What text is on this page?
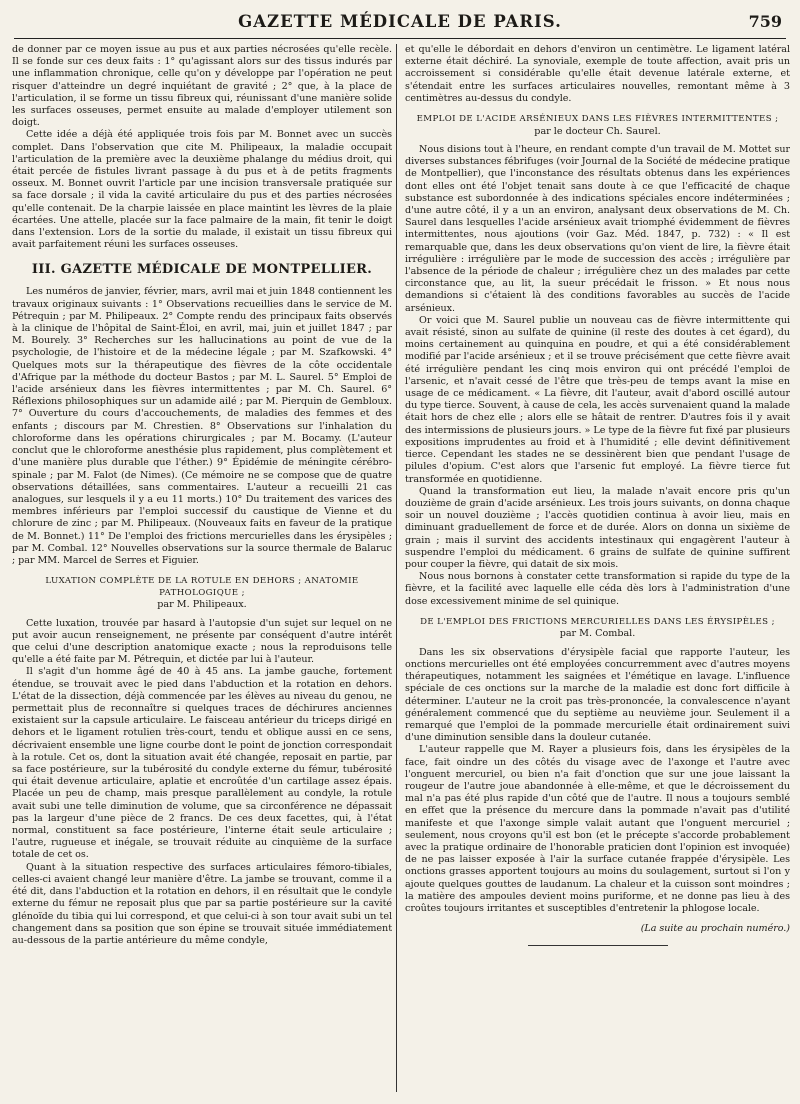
GAZETTE MÉDICALE DE PARIS.	759

de donner par ce moyen issue au pus et aux parties nécrosées qu'elle recèle. Il se fonde sur ces deux faits : 1° qu'agissant alors sur des tissus indurés par une inflammation chronique, celle qu'on y développe par l'opération ne peut risquer d'atteindre un degré inquiétant de gravité ; 2° que, à la place de l'articulation, il se forme un tissu fibreux qui, réunissant d'une manière solide les surfaces osseuses, permet ensuite au malade d'employer utilement son doigt.

Cette idée a déjà été appliquée trois fois par M. Bonnet avec un succès complet. Dans l'observation que cite M. Philipeaux, la maladie occupait l'articulation de la première avec la deuxième phalange du médius droit, qui était percée de fistules livrant passage à du pus et à de petits fragments osseux. M. Bonnet ouvrit l'article par une incision transversale pratiquée sur sa face dorsale ; il vida la cavité articulaire du pus et des parties nécrosées qu'elle contenait. De la charpie laissée en place maintint les lèvres de la plaie écartées. Une attelle, placée sur la face palmaire de la main, fit tenir le doigt dans l'extension. Lors de la sortie du malade, il existait un tissu fibreux qui avait parfaitement réuni les surfaces osseuses.

III. GAZETTE MÉDICALE DE MONTPELLIER.

Les numéros de janvier, février, mars, avril mai et juin 1848 contiennent les travaux originaux suivants : 1° Observations recueillies dans le service de M. Pétrequin ; par M. Philipeaux. 2° Compte rendu des principaux faits observés à la clinique de l'hôpital de Saint-Éloi, en avril, mai, juin et juillet 1847 ; par M. Bourely. 3° Recherches sur les hallucinations au point de vue de la psychologie, de l'histoire et de la médecine légale ; par M. Szafkowski. 4° Quelques mots sur la thérapeutique des fièvres de la côte occidentale d'Afrique par la méthode du docteur Bastos ; par M. L. Saurel. 5° Emploi de l'acide arsénieux dans les fièvres intermittentes ; par M. Ch. Saurel. 6° Réflexions philosophiques sur un adamide ailé ; par M. Pierquin de Gembloux. 7° Ouverture du cours d'accouchements, de maladies des femmes et des enfants ; discours par M. Chrestien. 8° Observations sur l'inhalation du chloroforme dans les opérations chirurgicales ; par M. Bocamy. (L'auteur conclut que le chloroforme anesthésie plus rapidement, plus complètement et d'une manière plus durable que l'éther.) 9° Épidémie de méningite cérébro-spinale ; par M. Falot (de Nimes). (Ce mémoire ne se compose que de quatre observations détaillées, sans commentaires. L'auteur a recueilli 21 cas analogues, sur lesquels il y a eu 11 morts.) 10° Du traitement des varices des membres inférieurs par l'emploi successif du caustique de Vienne et du chlorure de zinc ; par M. Philipeaux. (Nouveaux faits en faveur de la pratique de M. Bonnet.) 11° De l'emploi des frictions mercurielles dans les érysipèles ; par M. Combal. 12° Nouvelles observations sur la source thermale de Balaruc ; par MM. Marcel de Serres et Figuier.

LUXATION COMPLÈTE DE LA ROTULE EN DEHORS ; ANATOMIE PATHOLOGIQUE ;
par M. Philipeaux.

Cette luxation, trouvée par hasard à l'autopsie d'un sujet sur lequel on ne put avoir aucun renseignement, ne présente par conséquent d'autre intérêt que celui d'une description anatomique exacte ; nous la reproduisons telle qu'elle a été faite par M. Pétrequin, et dictée par lui à l'auteur.

Il s'agit d'un homme âgé de 40 à 45 ans. La jambe gauche, fortement étendue, se trouvait avec le pied dans l'abduction et la rotation en dehors. L'état de la dissection, déjà commencée par les élèves au niveau du genou, ne permettait plus de reconnaître si quelques traces de déchirures anciennes existaient sur la capsule articulaire. Le faisceau antérieur du triceps dirigé en dehors et le ligament rotulien très-court, tendu et oblique aussi en ce sens, décrivaient ensemble une ligne courbe dont le point de jonction correspondait à la rotule. Cet os, dont la situation avait été changée, reposait en partie, par sa face postérieure, sur la tubérosité du condyle externe du fémur, tubérosité qui était devenue articulaire, aplatie et encroûtée d'un cartilage assez épais. Placée un peu de champ, mais presque parallèlement au condyle, la rotule avait subi une telle diminution de volume, que sa circonférence ne dépassait pas la largeur d'une pièce de 2 francs. De ces deux facettes, qui, à l'état normal, constituent sa face postérieure, l'interne était seule articulaire ; l'autre, rugueuse et inégale, se trouvait réduite au cinquième de la surface totale de cet os.

Quant à la situation respective des surfaces articulaires fémoro-tibiales, celles-ci avaient changé leur manière d'être. La jambe se trouvant, comme il a été dit, dans l'abduction et la rotation en dehors, il en résultait que le condyle externe du fémur ne reposait plus que par sa partie postérieure sur la cavité glénoïde du tibia qui lui correspond, et que celui-ci à son tour avait subi un tel changement dans sa position que son épine se trouvait située immédiatement au-dessous de la partie antérieure du même condyle,

et qu'elle le débordait en dehors d'environ un centimètre. Le ligament latéral externe était déchiré. La synoviale, exemple de toute affection, avait pris un accroissement si considérable qu'elle était devenue latérale externe, et s'étendait entre les surfaces articulaires nouvelles, remontant même à 3 centimètres au-dessus du condyle.

EMPLOI DE L'ACIDE ARSÉNIEUX DANS LES FIÈVRES INTERMITTENTES ;
par le docteur Ch. Saurel.

Nous disions tout à l'heure, en rendant compte d'un travail de M. Mottet sur diverses substances fébrifuges (voir Journal de la Société de médecine pratique de Montpellier), que l'inconstance des résultats obtenus dans les expériences dont elles ont été l'objet tenait sans doute à ce que l'efficacité de chaque substance est subordonnée à des indications spéciales encore indéterminées ; d'une autre côté, il y a un an environ, analysant deux observations de M. Ch. Saurel dans lesquelles l'acide arsénieux avait triomphé évidemment de fièvres intermittentes, nous ajoutions (voir Gaz. Méd. 1847, p. 732) : « Il est remarquable que, dans les deux observations qu'on vient de lire, la fièvre était irrégulière : irrégulière par le mode de succession des accès ; irrégulière par l'absence de la période de chaleur ; irrégulière chez un des malades par cette circonstance que, au lit, la sueur précédait le frisson. » Et nous nous demandions si c'étaient là des conditions favorables au succès de l'acide arsénieux.

Or voici que M. Saurel publie un nouveau cas de fièvre intermittente qui avait résisté, sinon au sulfate de quinine (il reste des doutes à cet égard), du moins certainement au quinquina en poudre, et qui a été considérablement modifié par l'acide arsénieux ; et il se trouve précisément que cette fièvre avait été irrégulière pendant les cinq mois environ qui ont précédé l'emploi de l'arsenic, et n'avait cessé de l'être que très-peu de temps avant la mise en usage de ce médicament. « La fièvre, dit l'auteur, avait d'abord oscillé autour du type tierce. Souvent, à cause de cela, les accès survenaient quand la malade était hors de chez elle ; alors elle se hâtait de rentrer. D'autres fois il y avait des intermissions de plusieurs jours. » Le type de la fièvre fut fixé par plusieurs expositions imprudentes au froid et à l'humidité ; elle devint définitivement tierce. Cependant les stades ne se dessinèrent bien que pendant l'usage de pilules d'opium. C'est alors que l'arsenic fut employé. La fièvre tierce fut transformée en quotidienne.

Quand la transformation eut lieu, la malade n'avait encore pris qu'un douzième de grain d'acide arsénieux. Les trois jours suivants, on donna chaque soir un nouvel douzième ; l'accès quotidien continua à avoir lieu, mais en diminuant graduellement de force et de durée. Alors on donna un sixième de grain ; mais il survint des accidents intestinaux qui engagèrent l'auteur à suspendre l'emploi du médicament. 6 grains de sulfate de quinine suffirent pour couper la fièvre, qui datait de six mois.

Nous nous bornons à constater cette transformation si rapide du type de la fièvre, et la facilité avec laquelle elle céda dès lors à l'administration d'une dose excessivement minime de sel quinique.

DE L'EMPLOI DES FRICTIONS MERCURIELLES DANS LES ÉRYSIPÈLES ;
par M. Combal.

Dans les six observations d'érysipèle facial que rapporte l'auteur, les onctions mercurielles ont été employées concurremment avec d'autres moyens thérapeutiques, notamment les saignées et l'émétique en lavage. L'influence spéciale de ces onctions sur la marche de la maladie est donc fort difficile à déterminer. L'auteur ne la croit pas très-prononcée, la convalescence n'ayant généralement commencé que du septième au neuvième jour. Seulement il a remarqué que l'emploi de la pommade mercurielle était ordinairement suivi d'une diminution sensible dans la douleur cutanée.

L'auteur rappelle que M. Rayer a plusieurs fois, dans les érysipèles de la face, fait oindre un des côtés du visage avec de l'axonge et l'autre avec l'onguent mercuriel, ou bien n'a fait d'onction que sur une joue laissant la rougeur de l'autre joue abandonnée à elle-même, et que le décroissement du mal n'a pas été plus rapide d'un côté que de l'autre. Il nous a toujours semblé en effet que la présence du mercure dans la pommade n'avait pas d'utilité manifeste et que l'axonge simple valait autant que l'onguent mercuriel ; seulement, nous croyons qu'il est bon (et le précepte s'accorde probablement avec la pratique ordinaire de l'honorable praticien dont l'opinion est invoquée) de ne pas laisser exposée à l'air la surface cutanée frappée d'érysipèle. Les onctions grasses apportent toujours au moins du soulagement, surtout si l'on y ajoute quelques gouttes de laudanum. La chaleur et la cuisson sont moindres ; la matière des ampoules devient moins puriforme, et ne donne pas lieu à des croûtes toujours irritantes et susceptibles d'entretenir la phlogose locale.

(La suite au prochain numéro.)
